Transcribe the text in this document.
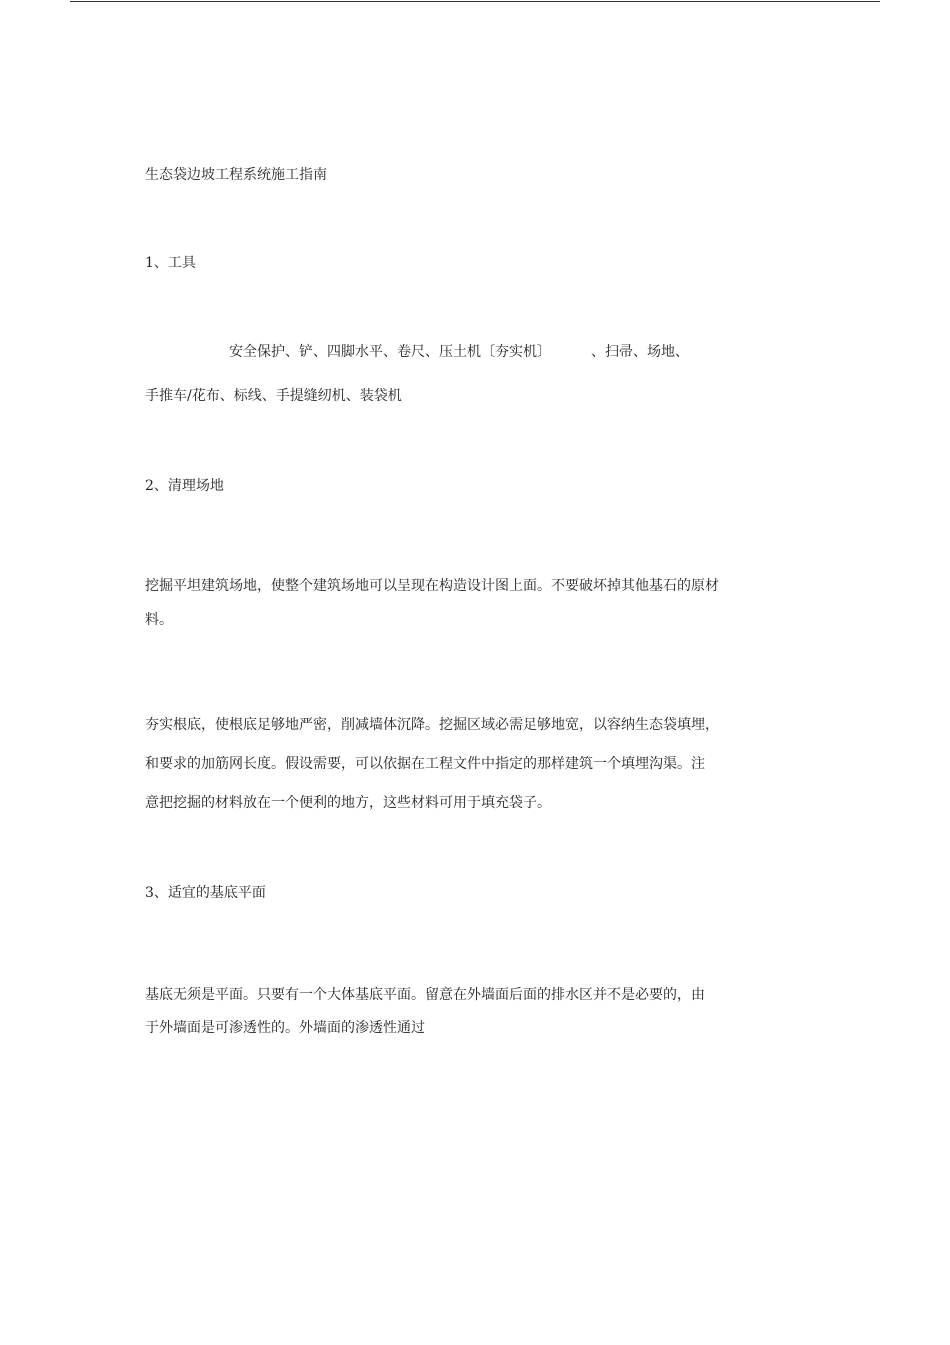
生态袋边坡工程系统施工指南

1、工具

安全保护、铲、四脚水平、卷尺、压土机〔夯实机〕	、扫帚、场地、

手推车/花布、标线、手提缝纫机、装袋机

2、清理场地

挖掘平坦建筑场地，使整个建筑场地可以呈现在构造设计图上面。不要破坏掉其他基石的原材

料。

夯实根底，使根底足够地严密，削减墙体沉降。挖掘区域必需足够地宽，以容纳生态袋填埋，

和要求的加筋网长度。假设需要，可以依据在工程文件中指定的那样建筑一个填埋沟渠。注

意把挖掘的材料放在一个便利的地方，这些材料可用于填充袋子。

3、适宜的基底平面

基底无须是平面。只要有一个大体基底平面。留意在外墙面后面的排水区并不是必要的，由

于外墙面是可渗透性的。外墙面的渗透性通过
